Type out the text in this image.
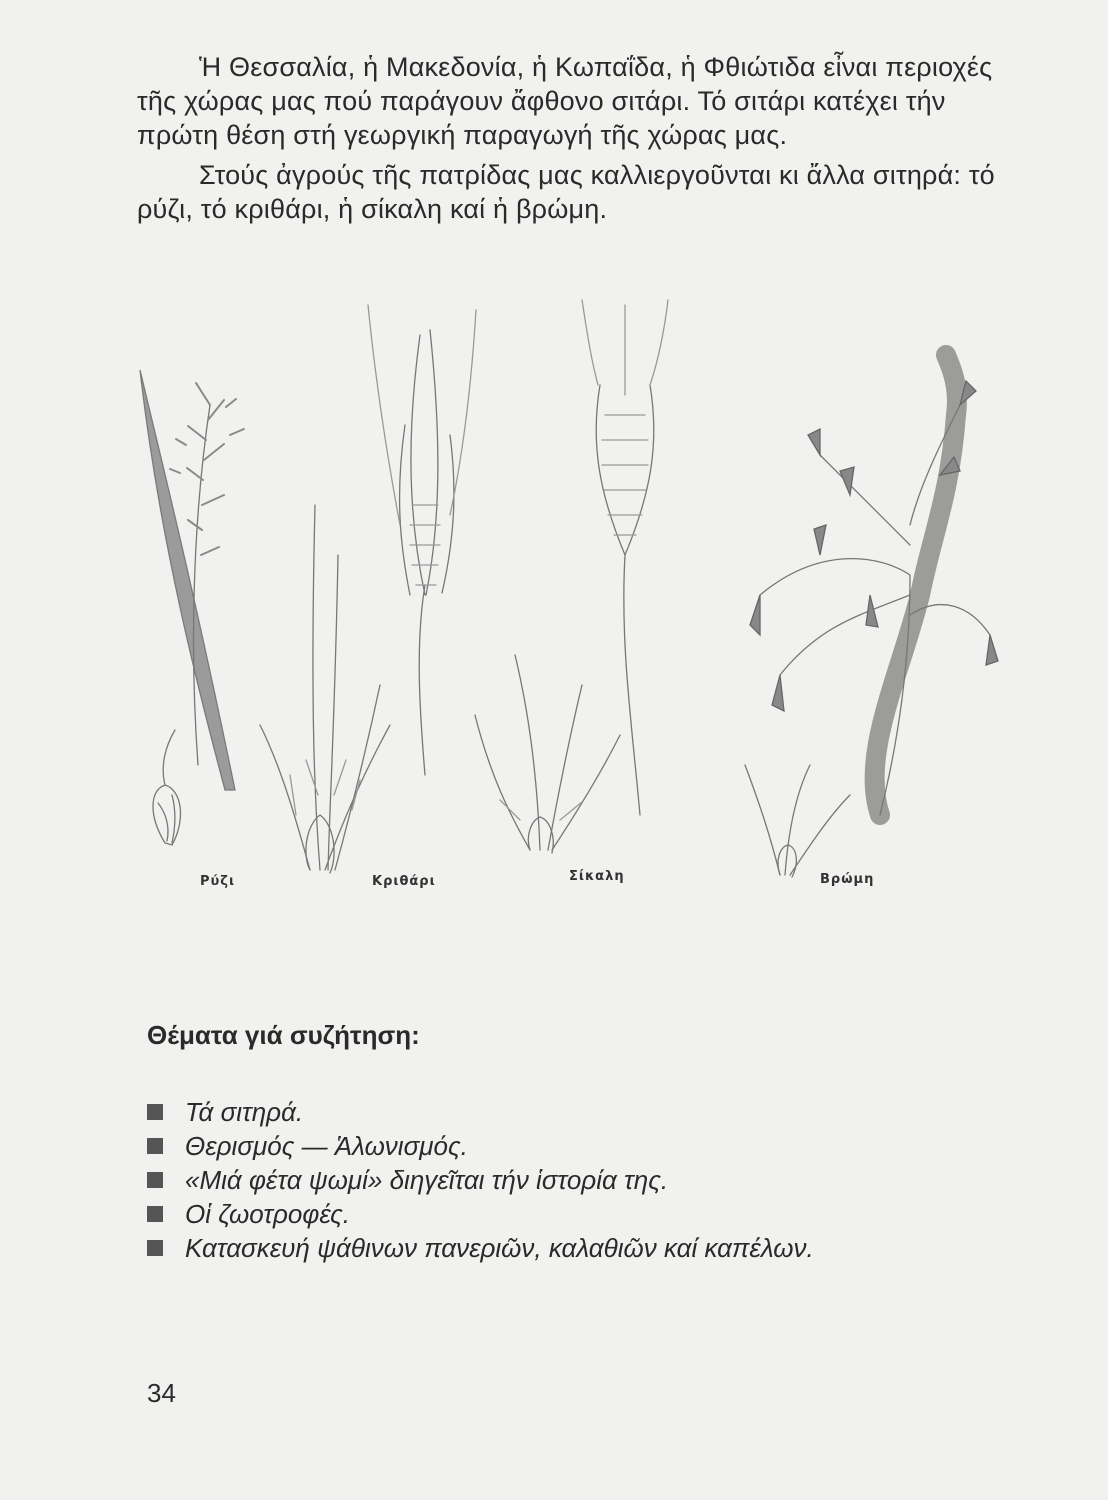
Ἡ Θεσσαλία, ἡ Μακεδονία, ἡ Κωπαΐδα, ἡ Φθιώτιδα εἶναι περιοχές τῆς χώρας μας πού παράγουν ἄφθονο σιτάρι. Τό σιτάρι κατέχει τήν πρώτη θέση στή γεωργική παραγωγή τῆς χώρας μας.

Στούς ἀγρούς τῆς πατρίδας μας καλλιεργοῦνται κι ἄλλα σιτηρά: τό ρύζι, τό κριθάρι, ἡ σίκαλη καί ἡ βρώμη.

Ρύζι	Κριθάρι	Σίκαλη	Βρώμη
Θέματα γιά συζήτηση:
Τά σιτηρά.
Θερισμός — Ἁλωνισμός.
«Μιά φέτα ψωμί» διηγεῖται τήν ἱστορία της.
Οἱ ζωοτροφές.
Κατασκευή ψάθινων πανεριῶν, καλαθιῶν καί καπέλων.
34
